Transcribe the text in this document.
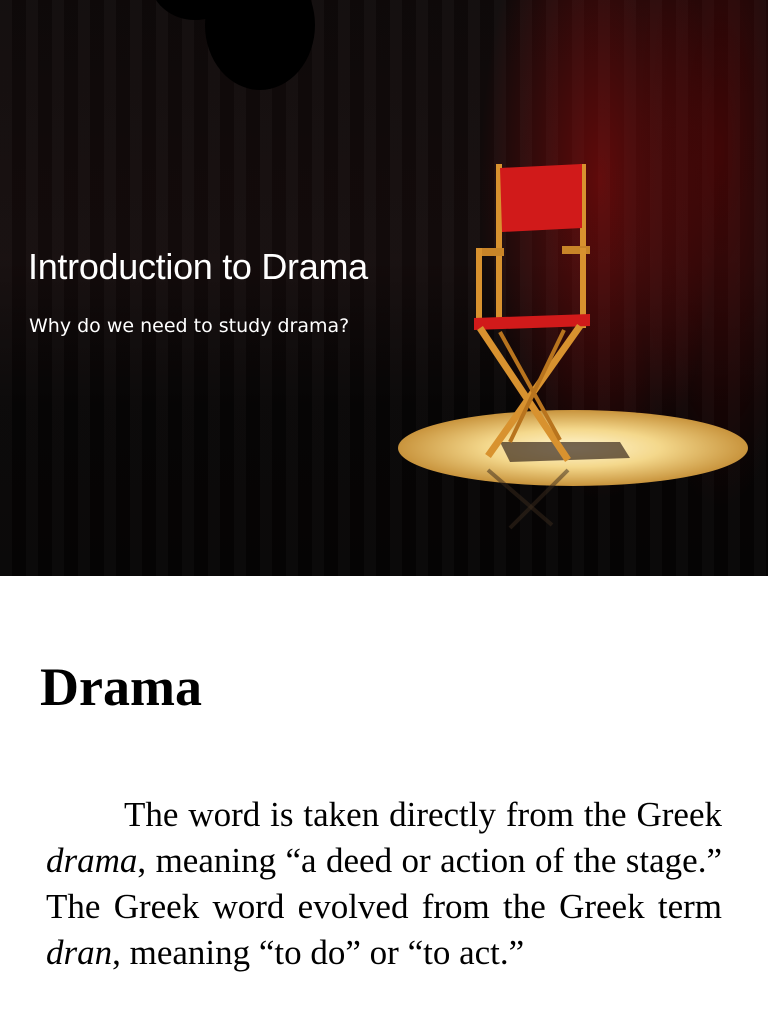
Introduction to Drama

Why do we need to study drama?

Drama

The word is taken directly from the Greek drama, meaning “a deed or action of the stage.” The Greek word evolved from the Greek term dran, meaning “to do” or “to act.”
